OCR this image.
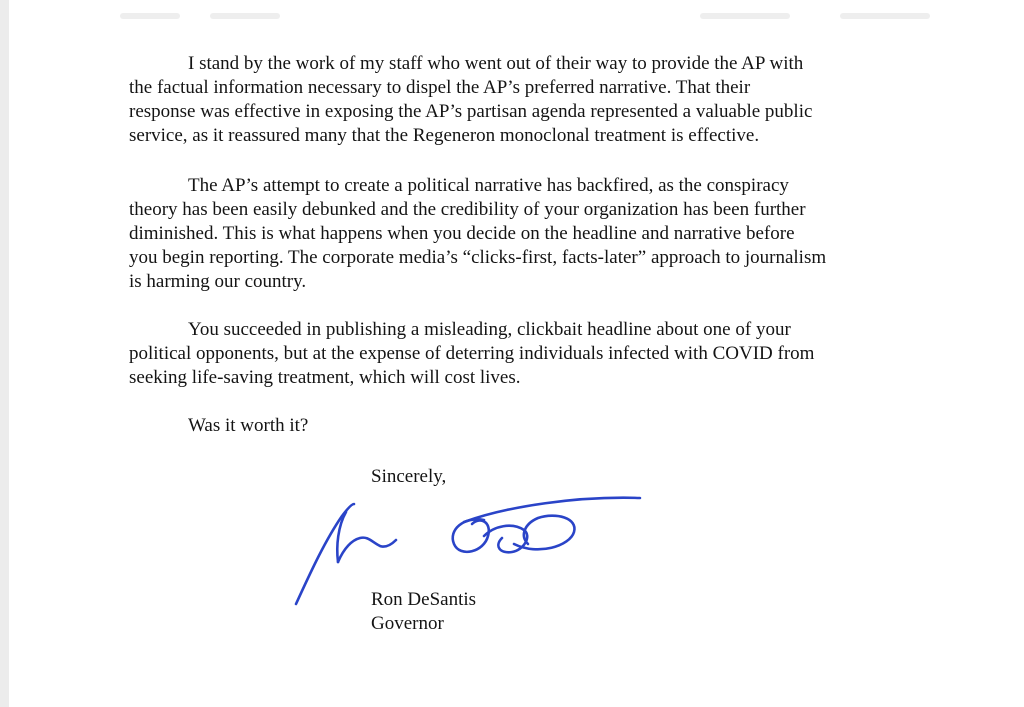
I stand by the work of my staff who went out of their way to provide the AP with
the factual information necessary to dispel the AP’s preferred narrative. That their
response was effective in exposing the AP’s partisan agenda represented a valuable public
service, as it reassured many that the Regeneron monoclonal treatment is effective.
The AP’s attempt to create a political narrative has backfired, as the conspiracy
theory has been easily debunked and the credibility of your organization has been further
diminished. This is what happens when you decide on the headline and narrative before
you begin reporting. The corporate media’s “clicks-first, facts-later” approach to journalism
is harming our country.
You succeeded in publishing a misleading, clickbait headline about one of your
political opponents, but at the expense of deterring individuals infected with COVID from
seeking life-saving treatment, which will cost lives.
Was it worth it?
Sincerely,
Ron DeSantis
Governor
